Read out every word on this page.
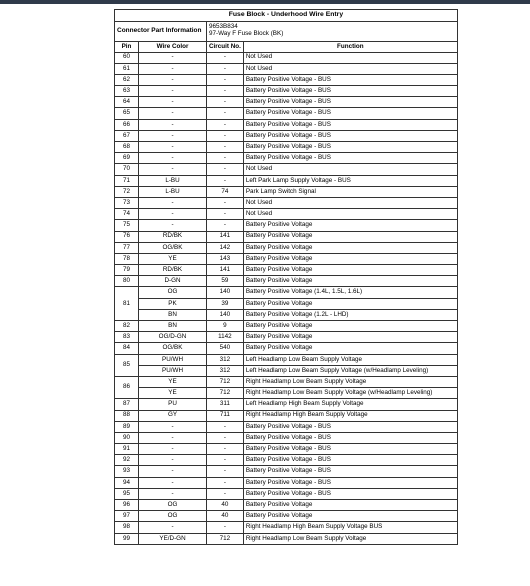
Fuse Block - Underhood Wire Entry			
Connector Part Information		9653B834
97-Way F Fuse Block (BK)	

Pin	Wire Color	Circuit No.	Function
60	-	-	Not Used
61	-	-	Not Used
62	-	-	Battery Positive Voltage - BUS
63	-	-	Battery Positive Voltage - BUS
64	-	-	Battery Positive Voltage - BUS
65	-	-	Battery Positive Voltage - BUS
66	-	-	Battery Positive Voltage - BUS
67	-	-	Battery Positive Voltage - BUS
68	-	-	Battery Positive Voltage - BUS
69	-	-	Battery Positive Voltage - BUS
70	-	-	Not Used
71	L-BU	-	Left Park Lamp Supply Voltage - BUS
72	L-BU	74	Park Lamp Switch Signal
73	-	-	Not Used
74	-	-	Not Used
75	-	-	Battery Positive Voltage
76	RD/BK	141	Battery Positive Voltage
77	OG/BK	142	Battery Positive Voltage
78	YE	143	Battery Positive Voltage
79	RD/BK	141	Battery Positive Voltage
80	D-GN	59	Battery Positive Voltage
81	OG	140	Battery Positive Voltage (1.4L, 1.5L, 1.6L)
	PK	39	Battery Positive Voltage
	BN	140	Battery Positive Voltage (1.2L - LHD)
82	BN	9	Battery Positive Voltage
83	OG/D-GN	1142	Battery Positive Voltage
84	OG/BK	540	Battery Positive Voltage
85	PU/WH	312	Left Headlamp Low Beam Supply Voltage
	PU/WH	312	Left Headlamp Low Beam Supply Voltage (w/Headlamp Leveling)
86	YE	712	Right Headlamp Low Beam Supply Voltage
	YE	712	Right Headlamp Low Beam Supply Voltage (w/Headlamp Leveling)
87	PU	311	Left Headlamp High Beam Supply Voltage
88	GY	711	Right Headlamp High Beam Supply Voltage
89	-	-	Battery Positive Voltage - BUS
90	-	-	Battery Positive Voltage - BUS
91	-	-	Battery Positive Voltage - BUS
92	-	-	Battery Positive Voltage - BUS
93	-	-	Battery Positive Voltage - BUS
94	-	-	Battery Positive Voltage - BUS
95	-	-	Battery Positive Voltage - BUS
96	OG	40	Battery Positive Voltage
97	OG	40	Battery Positive Voltage
98	-	-	Right Headlamp High Beam Supply Voltage BUS
99	YE/D-GN	712	Right Headlamp Low Beam Supply Voltage
